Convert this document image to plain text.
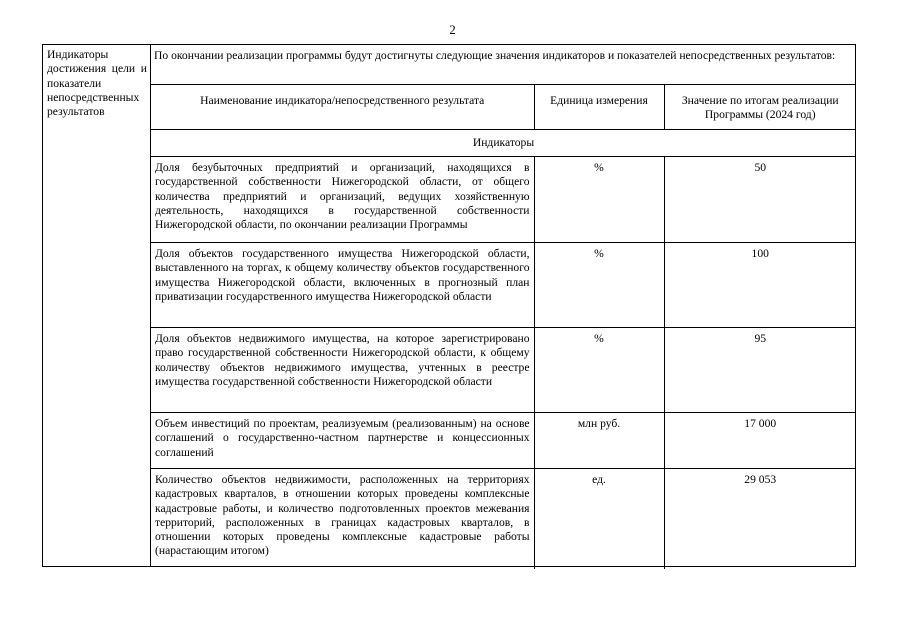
2
Индикаторы достижения цели и показатели непосредственных результатов
По окончании реализации программы будут достигнуты следующие значения индикаторов и показателей непосредственных результатов:
Наименование индикатора/непосредственного результата	Единица измерения	Значение по итогам реализации Программы (2024 год)
Индикаторы		
Доля безубыточных предприятий и организаций, находящихся в государственной собственности Нижегородской области, от общего количества предприятий и организаций, ведущих хозяйственную деятельность, находящихся в государственной собственности Нижегородской области, по окончании реализации Программы	%	50
Доля объектов государственного имущества Нижегородской области, выставленного на торгах, к общему количеству объектов государственного имущества Нижегородской области, включенных в прогнозный план приватизации государственного имущества Нижегородской области	%	100
Доля объектов недвижимого имущества, на которое зарегистрировано право государственной собственности Нижегородской области, к общему количеству объектов недвижимого имущества, учтенных в реестре имущества государственной собственности Нижегородской области	%	95
Объем инвестиций по проектам, реализуемым (реализованным) на основе соглашений о государственно-частном партнерстве и концессионных соглашений	млн руб.	17 000
Количество объектов недвижимости, расположенных на территориях кадастровых кварталов, в отношении которых проведены комплексные кадастровые работы, и количество подготовленных проектов межевания территорий, расположенных в границах кадастровых кварталов, в отношении которых проведены комплексные кадастровые работы (нарастающим итогом)	ед.	29 053
